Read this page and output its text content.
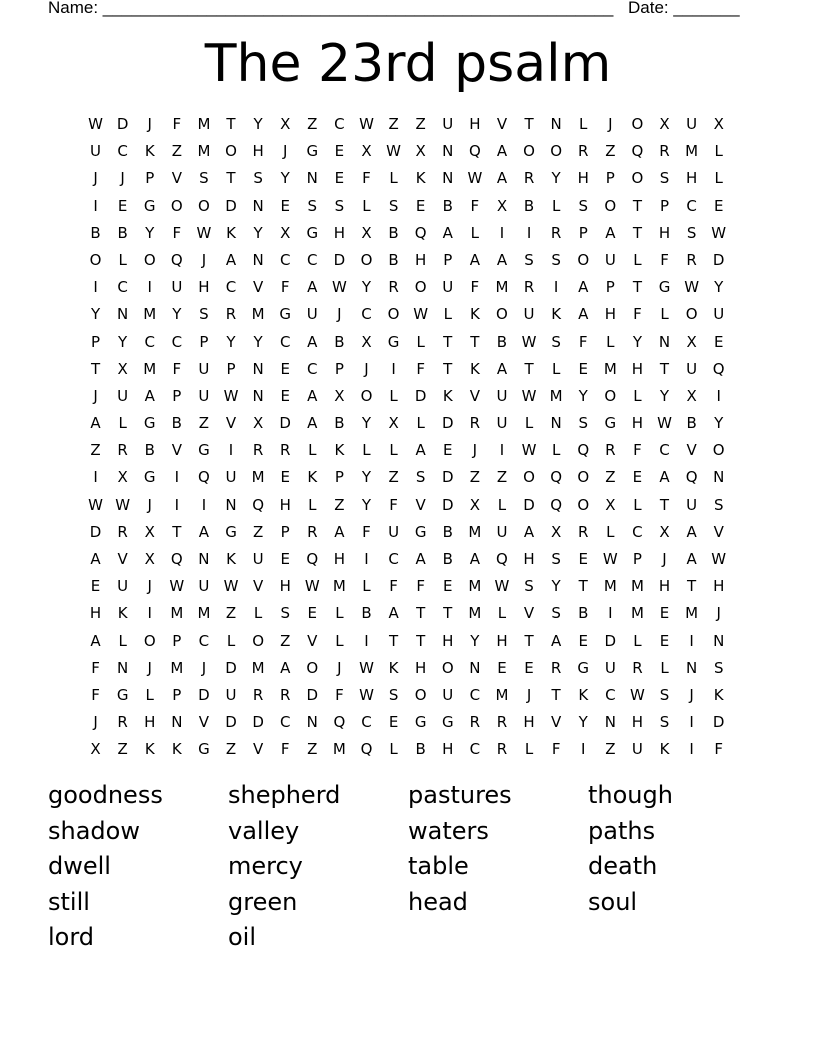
Name: ______________________________________________________ Date: _______
The 23rd psalm
W D	J	F	M	T	Y	X	Z	C W Z	Z	U	H	V	T	N	L	J	O	X	U	X
U	C	K	Z	M O	H	J	G	E	X W X	N	Q	A	O	O	R	Z	Q	R	M	L
J	J	P	V	S	T	S	Y	N	E	F	L	K	N W A	R	Y	H	P	O	S	H	L
I	E	G	O	O	D	N	E	S	S	L	S	E	B	F	X	B	L	S	O	T	P	C	E
B	B	Y	F	W K	Y	X	G	H	X	B	Q	A	L	I	I	R	P	A	T	H	S W
O	L	O	Q	J	A	N	C	C	D	O	B	H	P	A	A	S	S	O	U	L	F	R	D
I	C	I	U	H	C	V	F	A W	Y	R	O	U	F	M	R	I	A	P	T	G W	Y
Y	N	M	Y	S	R	M G	U	J	C	O W	L	K	O	U	K	A	H	F	L	O	U
P	Y	C	C	P	Y	Y	C	A	B	X	G	L	T	T	B W S	F	L	Y	N	X	E
T	X	M	F	U	P	N	E	C	P	J	I	F	T	K	A	T	L	E	M H	T	U	Q
J	U	A	P	U W N	E	A	X	O	L	D	K	V	U W M	Y	O	L	Y	X	I
A	L	G	B	Z	V	X	D	A	B	Y	X	L	D	R	U	L	N	S	G	H W B	Y
Z	R	B	V	G	I	R	R	L	K	L	L	A	E	J	I	W	L	Q	R	F	C	V	O
I	X	G	I	Q	U	M	E	K	P	Y	Z	S	D	Z	Z	O	Q	O	Z	E	A	Q	N
W W	J	I	I	N	Q	H	L	Z	Y	F	V	D	X	L	D	Q	O	X	L	T	U	S
D	R	X	T	A	G	Z	P	R	A	F	U	G	B	M	U	A	X	R	L	C	X	A	V
A	V	X	Q	N	K	U	E	Q	H	I	C	A	B	A	Q	H	S	E W	P	J	A W
E	U	J	W U W V	H W M	L	F	F	E	M W S	Y	T	M M H	T	H
H	K	I	M M	Z	L	S	E	L	B	A	T	T	M	L	V	S	B	I	M	E	M	J
A	L	O	P	C	L	O	Z	V	L	I	T	T	H	Y	H	T	A	E	D	L	E	I	N
F	N	J	M	J	D M	A	O	J	W K	H	O	N	E	E	R	G	U	R	L	N	S
F	G	L	P	D	U	R	R	D	F	W S	O	U	C	M	J	T	K	C W S	J	K
J	R	H	N	V	D	D	C	N	Q	C	E	G	G	R	R	H	V	Y	N	H	S	I	D
X	Z	K	K	G	Z	V	F	Z	M Q	L	B	H	C	R	L	F	I	Z	U	K	I	F
goodness	shepherd	pastures	though
shadow	valley	waters	paths
dwell	mercy	table	death
still	green	head	soul
lord	oil
